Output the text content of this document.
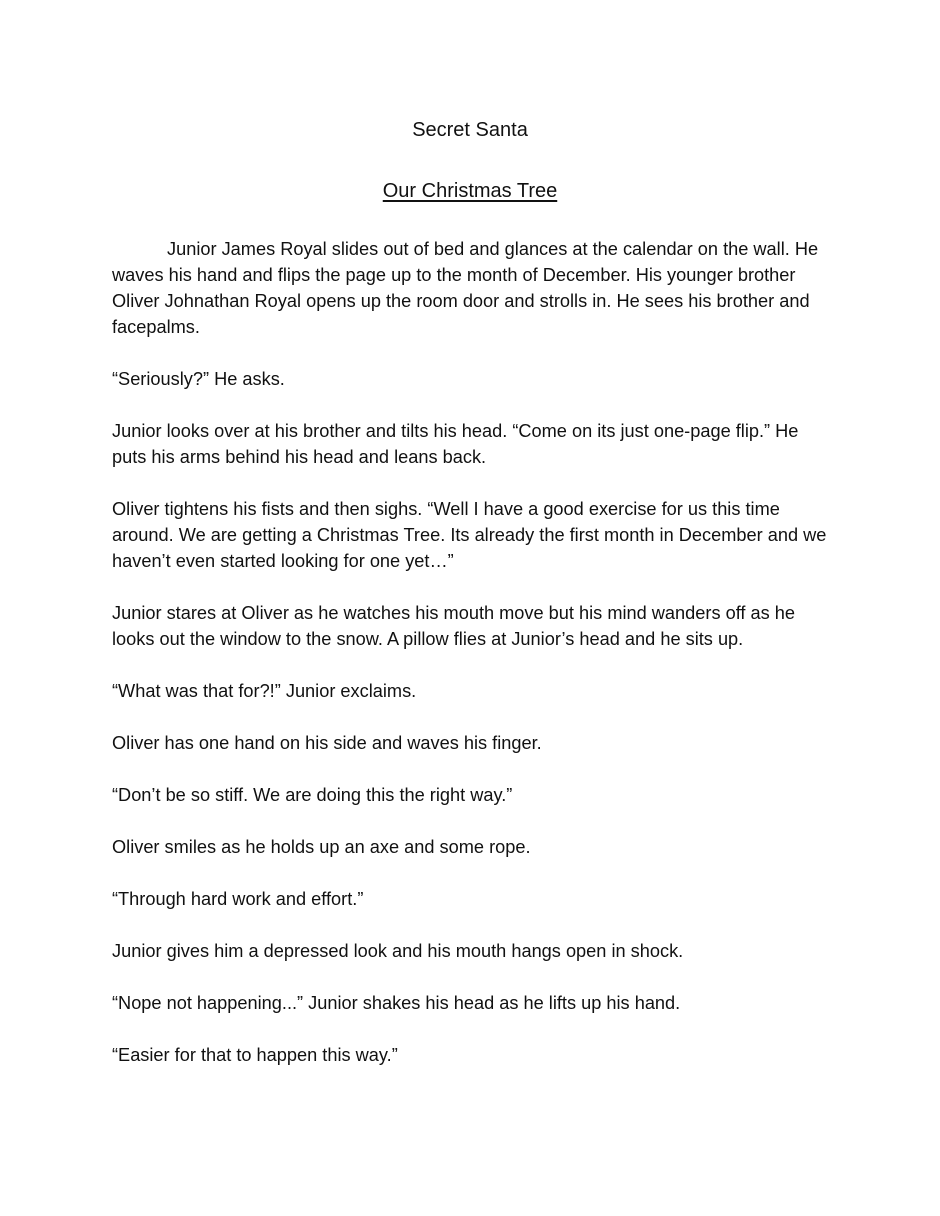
Secret Santa
Our Christmas Tree

Junior James Royal slides out of bed and glances at the calendar on the wall. He waves his hand and flips the page up to the month of December. His younger brother Oliver Johnathan Royal opens up the room door and strolls in. He sees his brother and facepalms.

“Seriously?” He asks.

Junior looks over at his brother and tilts his head. “Come on its just one-page flip.” He puts his arms behind his head and leans back.

Oliver tightens his fists and then sighs. “Well I have a good exercise for us this time around. We are getting a Christmas Tree. Its already the first month in December and we haven’t even started looking for one yet…”

Junior stares at Oliver as he watches his mouth move but his mind wanders off as he looks out the window to the snow. A pillow flies at Junior’s head and he sits up.

“What was that for?!” Junior exclaims.

Oliver has one hand on his side and waves his finger.

“Don’t be so stiff. We are doing this the right way.”

Oliver smiles as he holds up an axe and some rope.

“Through hard work and effort.”

Junior gives him a depressed look and his mouth hangs open in shock.

“Nope not happening...” Junior shakes his head as he lifts up his hand.

“Easier for that to happen this way.”
